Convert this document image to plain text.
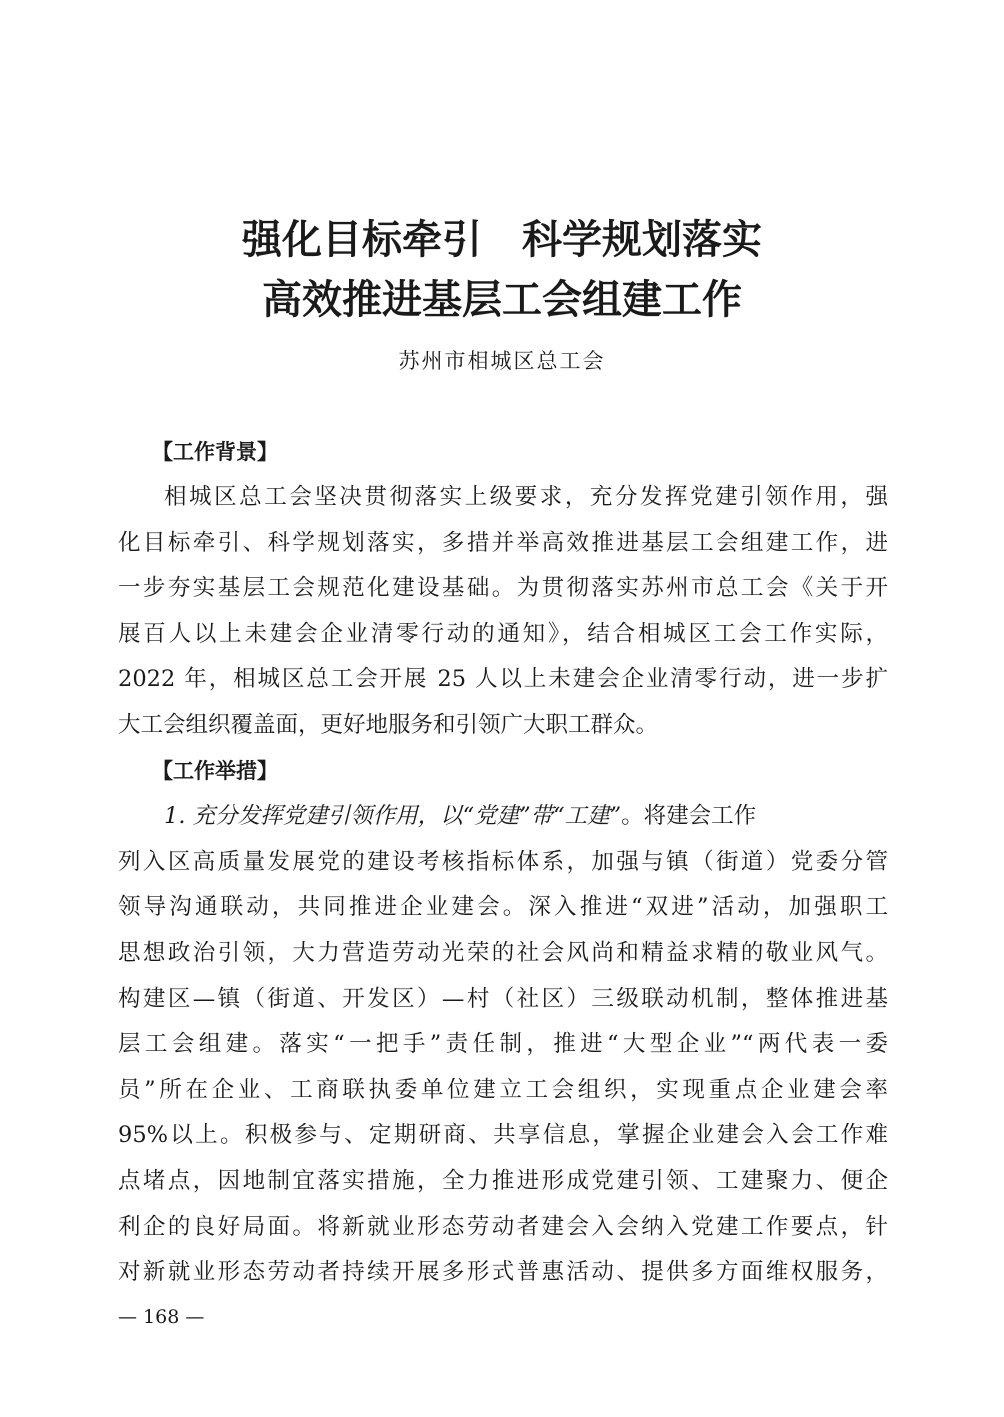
强化目标牵引　科学规划落实
高效推进基层工会组建工作
苏州市相城区总工会
【工作背景】
相城区总工会坚决贯彻落实上级要求，充分发挥党建引领作用，强
化目标牵引、科学规划落实，多措并举高效推进基层工会组建工作，进
一步夯实基层工会规范化建设基础。为贯彻落实苏州市总工会《关于开
展百人以上未建会企业清零行动的通知》，结合相城区工会工作实际，
2022 年，相城区总工会开展 25 人以上未建会企业清零行动，进一步扩
大工会组织覆盖面，更好地服务和引领广大职工群众。
【工作举措】
1. 充分发挥党建引领作用，以“党建”带“工建”。将建会工作
列入区高质量发展党的建设考核指标体系，加强与镇（街道）党委分管
领导沟通联动，共同推进企业建会。深入推进“双进”活动，加强职工
思想政治引领，大力营造劳动光荣的社会风尚和精益求精的敬业风气。
构建区—镇（街道、开发区）—村（社区）三级联动机制，整体推进基
层工会组建。落实“一把手”责任制，推进“大型企业”“两代表一委
员”所在企业、工商联执委单位建立工会组织，实现重点企业建会率
95%以上。积极参与、定期研商、共享信息，掌握企业建会入会工作难
点堵点，因地制宜落实措施，全力推进形成党建引领、工建聚力、便企
利企的良好局面。将新就业形态劳动者建会入会纳入党建工作要点，针
对新就业形态劳动者持续开展多形式普惠活动、提供多方面维权服务，
— 168 —
